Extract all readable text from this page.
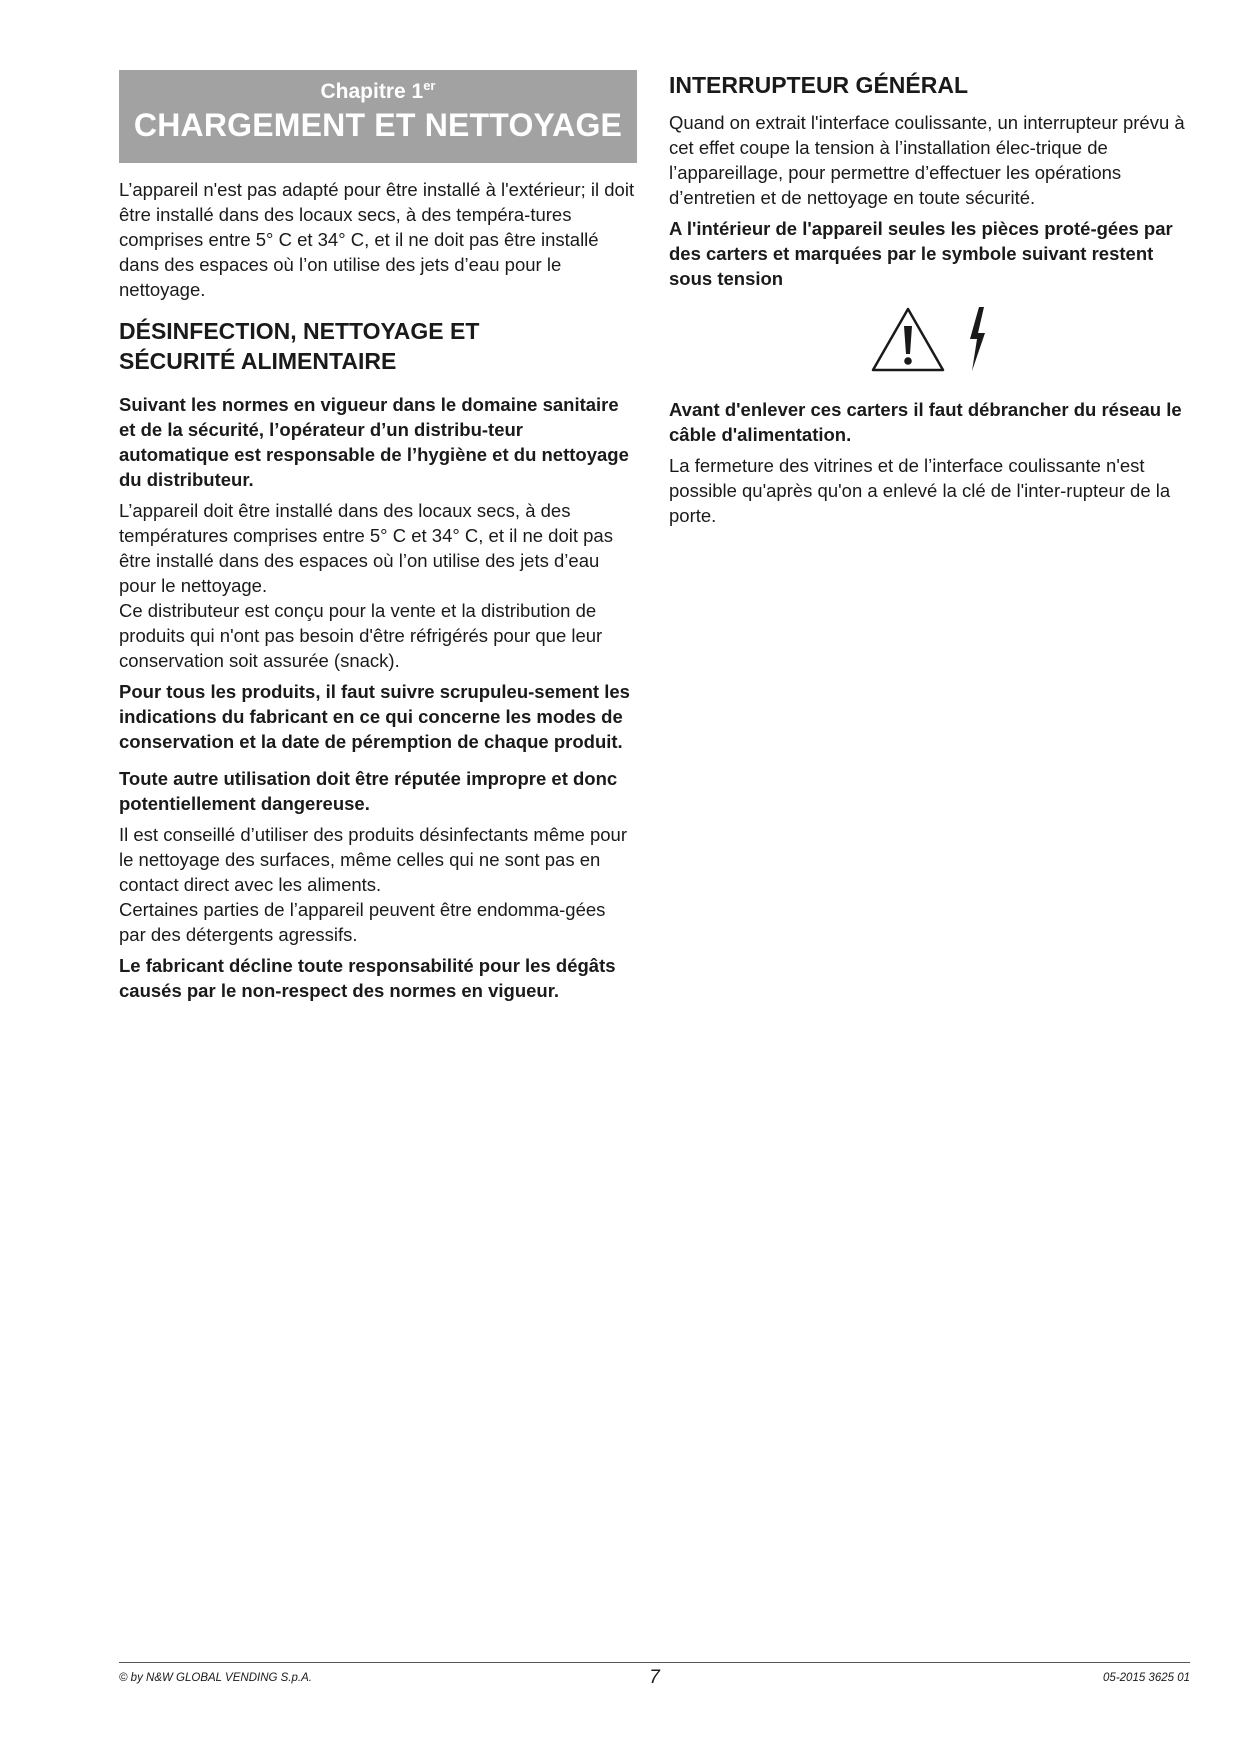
Chapitre 1er
CHARGEMENT ET NETTOYAGE

L’appareil n'est pas adapté pour être installé à l'extérieur; il doit être installé dans des locaux secs, à des tempéra-tures comprises entre 5° C et 34° C, et il ne doit pas être installé dans des espaces où l’on utilise des jets d’eau pour le nettoyage.

DÉSINFECTION, NETTOYAGE ET
SÉCURITÉ ALIMENTAIRE

Suivant les normes en vigueur dans le domaine sanitaire et de la sécurité, l’opérateur d’un distribu-teur automatique est responsable de l’hygiène et du nettoyage du distributeur.

L’appareil doit être installé dans des locaux secs, à des températures comprises entre 5° C et 34° C, et il ne doit pas être installé dans des espaces où l’on utilise des jets d’eau pour le nettoyage.

Ce distributeur est conçu pour la vente et la distribution de produits qui n'ont pas besoin d'être réfrigérés pour que leur conservation soit assurée (snack).

Pour tous les produits, il faut suivre scrupuleu-sement les indications du fabricant en ce qui concerne les modes de conservation et la date de péremption de chaque produit.

Toute autre utilisation doit être réputée impropre et donc potentiellement dangereuse.

Il est conseillé d’utiliser des produits désinfectants même pour le nettoyage des surfaces, même celles qui ne sont pas en contact direct avec les aliments.

Certaines parties de l’appareil peuvent être endomma-gées par des détergents agressifs.

Le fabricant décline toute responsabilité pour les dégâts causés par le non-respect des normes en vigueur.

INTERRUPTEUR GÉNÉRAL

Quand on extrait l'interface coulissante, un interrupteur prévu à cet effet coupe la tension à l’installation élec-trique de l’appareillage, pour permettre d’effectuer les opérations d’entretien et de nettoyage en toute sécurité.

A l'intérieur de l'appareil seules les pièces proté-gées par des carters et marquées par le symbole suivant restent sous tension

Avant d'enlever ces carters il faut débrancher du réseau le câble d'alimentation.

La fermeture des vitrines et de l’interface coulissante n'est possible qu'après qu'on a enlevé la clé de l'inter-rupteur de la porte.

© by N&W GLOBAL VENDING S.p.A.	7	05-2015 3625 01
